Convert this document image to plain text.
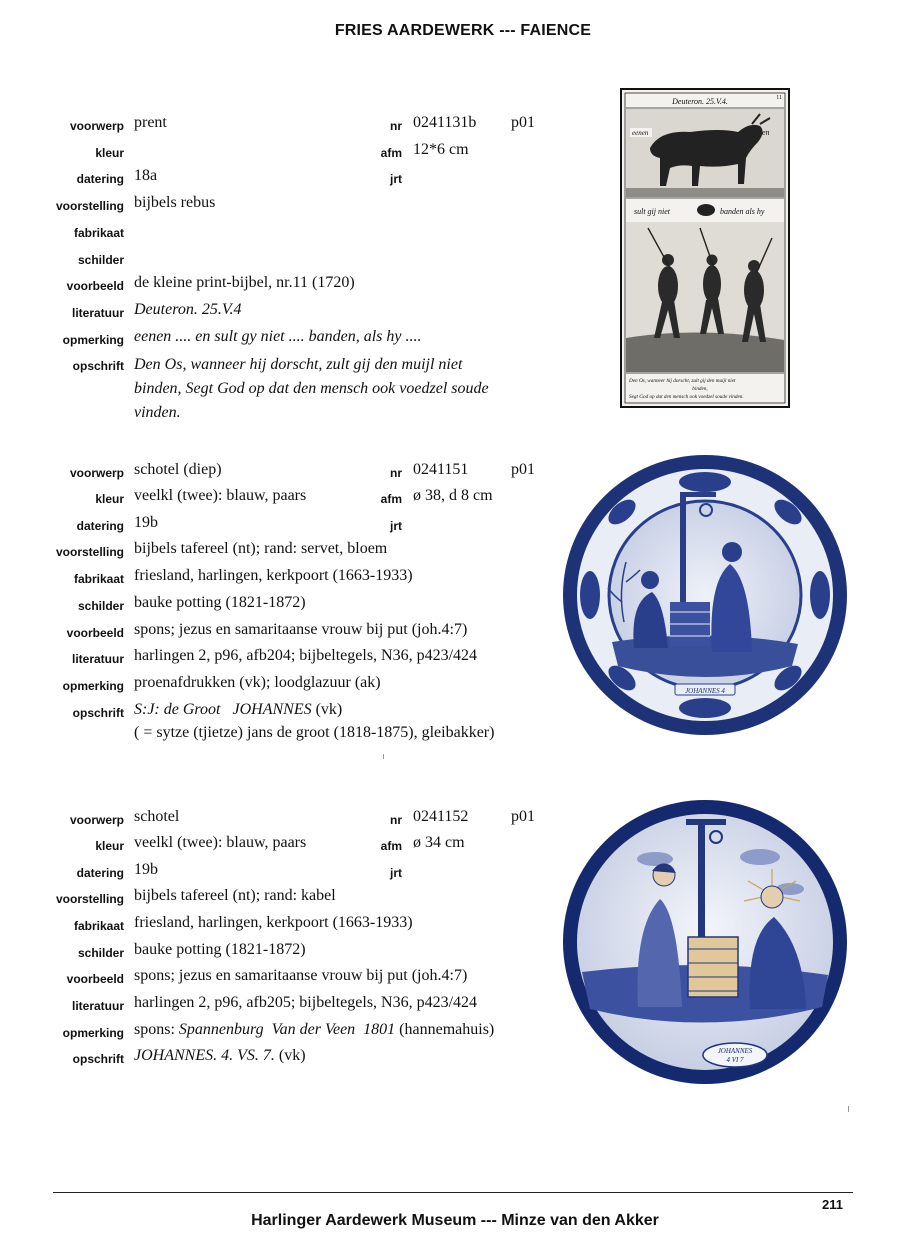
FRIES AARDEWERK --- FAIENCE
voorwerp prent	nr 0241131b p01
kleur	afm 12*6 cm
datering 18a	jrt
voorstelling bijbels rebus
fabrikaat
schilder
voorbeeld de kleine print-bijbel, nr.11 (1720)
literatuur Deuteron. 25.V.4
opmerking eenen .... en sult gy niet .... banden, als hy ....
opschrift Den Os, wanneer hij dorscht, zult gij den muijl niet
binden, Segt God op dat den mensch ook voedzel soude
vinden.
Deuteron. 25.V.4.	11
eenen	en
sult gij niet	banden als hy
Den Os, wanneer hij dorscht, zult gij den muijl niet
binden,
Segt God op dat den mensch ook voedzel soude vinden.
voorwerp schotel (diep)	nr 0241151	p01
kleur veelkl (twee): blauw, paars	afm ø 38, d 8 cm
datering 19b	jrt
voorstelling bijbels tafereel (nt); rand: servet, bloem
fabrikaat friesland, harlingen, kerkpoort (1663-1933)
schilder bauke potting (1821-1872)
voorbeeld spons; jezus en samaritaanse vrouw bij put (joh.4:7)
literatuur harlingen 2, p96, afb204; bijbeltegels, N36, p423/424
opmerking proenafdrukken (vk); loodglazuur (ak)
opschrift S:J: de Groot   JOHANNES (vk)
( = sytze (tjietze) jans de groot (1818-1875), gleibakker)
JOHANNES 4
voorwerp schotel	nr 0241152	p01
kleur veelkl (twee): blauw, paars	afm ø 34 cm
datering 19b	jrt
voorstelling bijbels tafereel (nt); rand: kabel
fabrikaat friesland, harlingen, kerkpoort (1663-1933)
schilder bauke potting (1821-1872)
voorbeeld spons; jezus en samaritaanse vrouw bij put (joh.4:7)
literatuur harlingen 2, p96, afb205; bijbeltegels, N36, p423/424
opmerking spons: Spannenburg  Van der Veen  1801 (hannemahuis)
opschrift JOHANNES. 4. VS. 7. (vk)	JOHANNES
4 VI 7
211
Harlinger Aardewerk Museum --- Minze van den Akker
